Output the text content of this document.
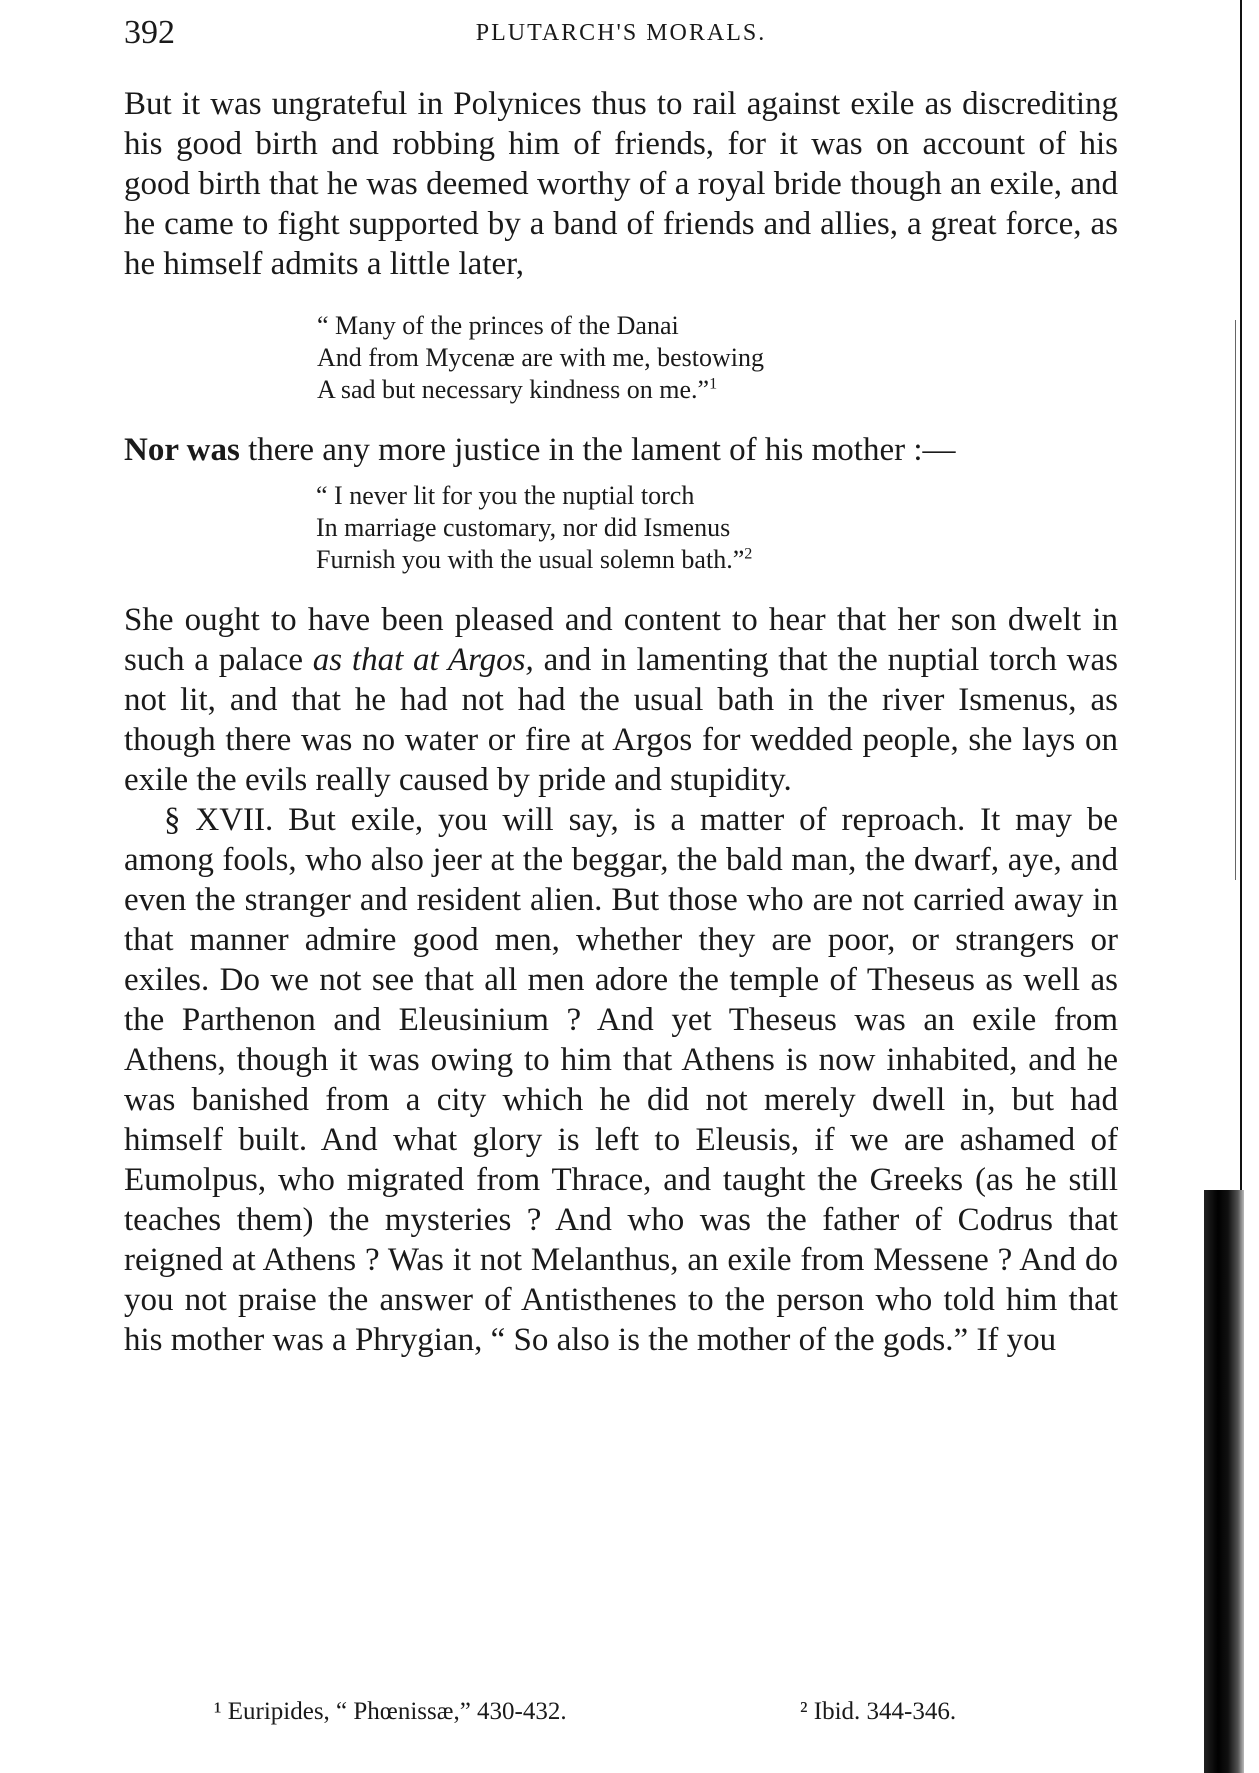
392	PLUTARCH'S MORALS.

But it was ungrateful in Polynices thus to rail against exile as discrediting his good birth and robbing him of friends, for it was on account of his good birth that he was deemed worthy of a royal bride though an exile, and he came to fight supported by a band of friends and allies, a great force, as he himself admits a little later,

“ Many of the princes of the Danai
And from Mycenæ are with me, bestowing
A sad but necessary kindness on me.”$^1$

Nor was there any more justice in the lament of his mother :—

“ I never lit for you the nuptial torch
In marriage customary, nor did Ismenus
Furnish you with the usual solemn bath.”$^2$

She ought to have been pleased and content to hear that her son dwelt in such a palace as that at Argos, and in lamenting that the nuptial torch was not lit, and that he had not had the usual bath in the river Ismenus, as though there was no water or fire at Argos for wedded people, she lays on exile the evils really caused by pride and stupidity.

§ XVII. But exile, you will say, is a matter of reproach. It may be among fools, who also jeer at the beggar, the bald man, the dwarf, aye, and even the stranger and resident alien. But those who are not carried away in that manner admire good men, whether they are poor, or strangers or exiles. Do we not see that all men adore the temple of Theseus as well as the Parthenon and Eleusinium ? And yet Theseus was an exile from Athens, though it was owing to him that Athens is now inhabited, and he was banished from a city which he did not merely dwell in, but had himself built. And what glory is left to Eleusis, if we are ashamed of Eumolpus, who migrated from Thrace, and taught the Greeks (as he still teaches them) the mysteries ? And who was the father of Codrus that reigned at Athens ? Was it not Melanthus, an exile from Messene ? And do you not praise the answer of Antisthenes to the person who told him that his mother was a Phrygian, “ So also is the mother of the gods.” If you

¹ Euripides, “ Phœnissæ,” 430-432.	² Ibid. 344-346.
